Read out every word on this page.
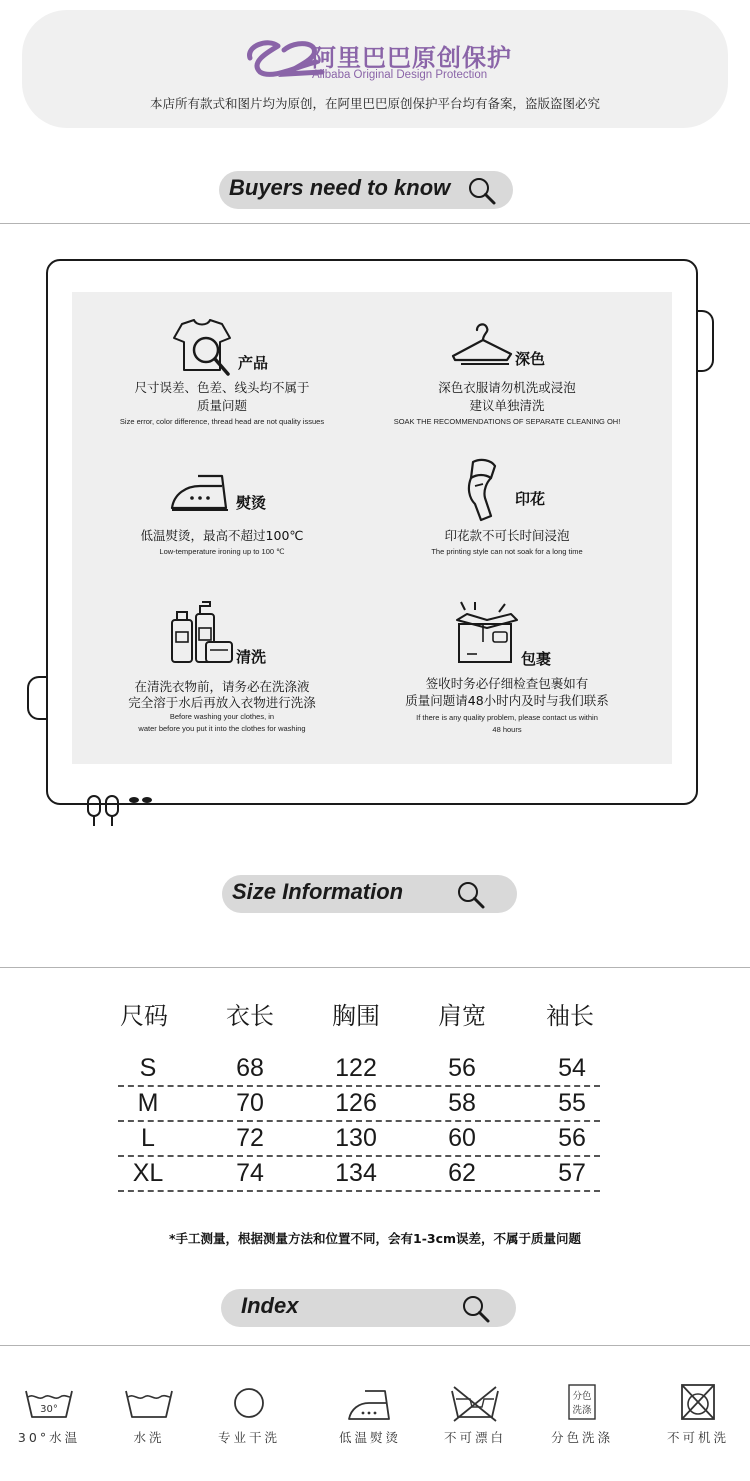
阿里巴巴原创保护
Alibaba Original Design Protection
本店所有款式和图片均为原创，在阿里巴巴原创保护平台均有备案，盗版盗图必究
Buyers need to know
产品
尺寸误差、色差、线头均不属于
质量问题
Size error, color difference, thread head are not quality issues
深色
深色衣服请勿机洗或浸泡
建议单独清洗
SOAK THE RECOMMENDATIONS OF SEPARATE CLEANING OH!
熨烫
低温熨烫，最高不超过100℃
Low-temperature ironing up to 100 ℃
印花
印花款不可长时间浸泡
The printing style can not soak for a long time
清洗
在清洗衣物前，请务必在洗涤液
完全溶于水后再放入衣物进行洗涤
Before washing your clothes, in
water before you put it into the clothes for washing
包裹
签收时务必仔细检查包裹如有
质量问题请48小时内及时与我们联系
If there is any quality problem, please contact us within
48 hours
Size Information
尺码	衣长	胸围	肩宽	袖长
S	68	122	56	54
M	70	126	58	55
L	72	130	60	56
XL	74	134	62	57
*手工测量，根据测量方法和位置不同，会有1-3cm误差，不属于质量问题
Index
30°
30°水温	水洗	专业干洗	低温熨烫	不可漂白
分色
洗涤
分色洗涤	不可机洗
